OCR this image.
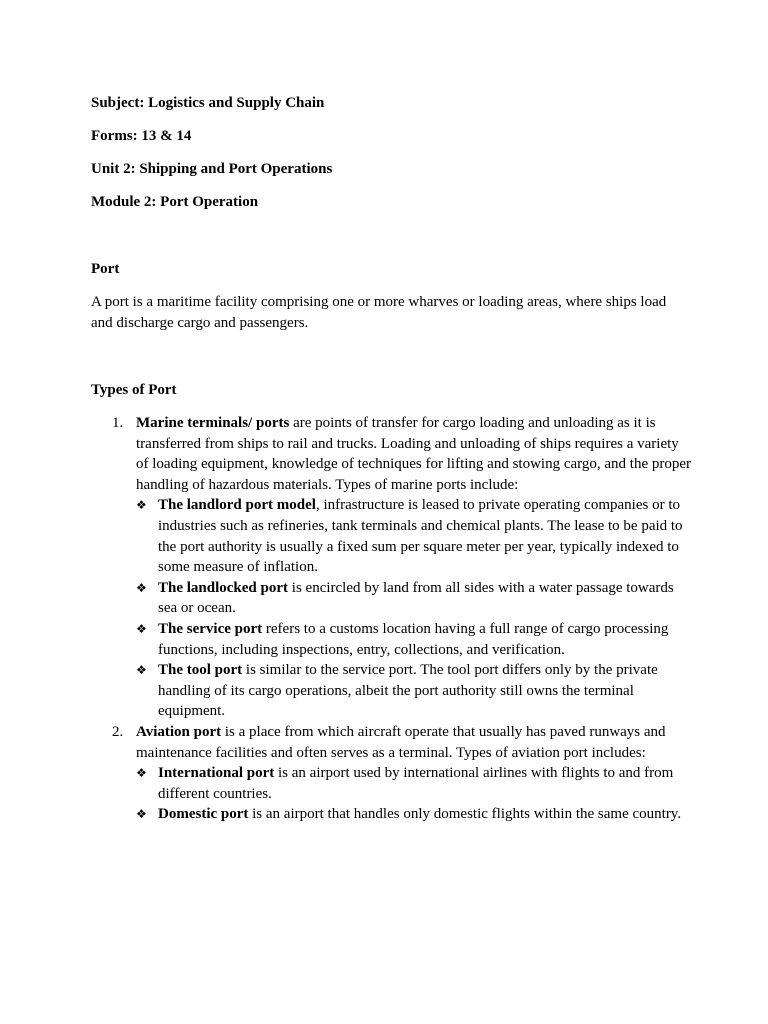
Subject: Logistics and Supply Chain

Forms: 13 & 14

Unit 2: Shipping and Port Operations

Module 2: Port Operation

Port

A port is a maritime facility comprising one or more wharves or loading areas, where ships load and discharge cargo and passengers.

Types of Port

1. Marine terminals/ ports are points of transfer for cargo loading and unloading as it is transferred from ships to rail and trucks. Loading and unloading of ships requires a variety of loading equipment, knowledge of techniques for lifting and stowing cargo, and the proper handling of hazardous materials. Types of marine ports include:
❖ The landlord port model, infrastructure is leased to private operating companies or to industries such as refineries, tank terminals and chemical plants. The lease to be paid to the port authority is usually a fixed sum per square meter per year, typically indexed to some measure of inflation.
❖ The landlocked port is encircled by land from all sides with a water passage towards sea or ocean.
❖ The service port refers to a customs location having a full range of cargo processing functions, including inspections, entry, collections, and verification.
❖ The tool port is similar to the service port. The tool port differs only by the private handling of its cargo operations, albeit the port authority still owns the terminal equipment.
2. Aviation port is a place from which aircraft operate that usually has paved runways and maintenance facilities and often serves as a terminal. Types of aviation port includes:
❖ International port is an airport used by international airlines with flights to and from different countries.
❖ Domestic port is an airport that handles only domestic flights within the same country.
